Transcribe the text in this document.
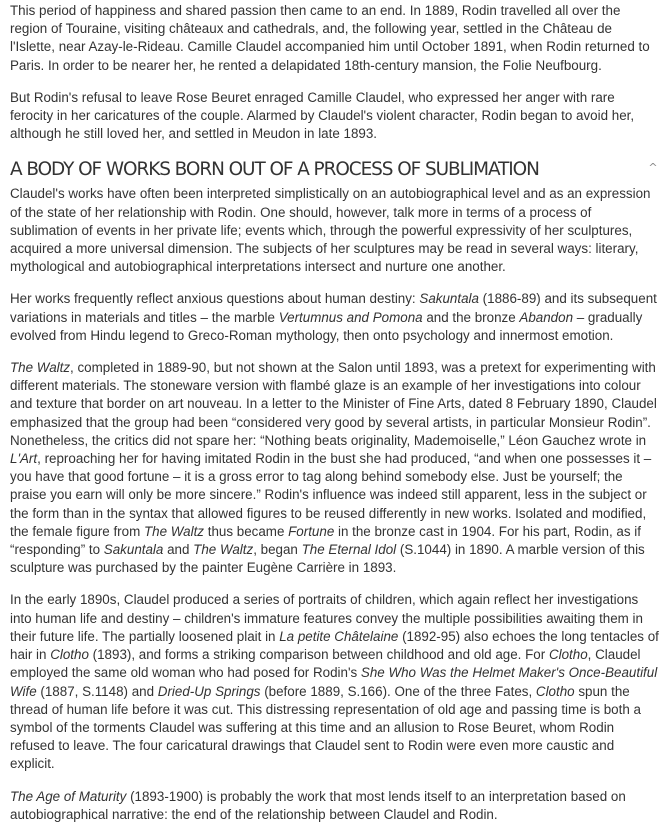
This period of happiness and shared passion then came to an end. In 1889, Rodin travelled all over the region of Touraine, visiting châteaux and cathedrals, and, the following year, settled in the Château de l'Islette, near Azay-le-Rideau. Camille Claudel accompanied him until October 1891, when Rodin returned to Paris. In order to be nearer her, he rented a delapidated 18th-century mansion, the Folie Neufbourg.

But Rodin's refusal to leave Rose Beuret enraged Camille Claudel, who expressed her anger with rare ferocity in her caricatures of the couple. Alarmed by Claudel's violent character, Rodin began to avoid her, although he still loved her, and settled in Meudon in late 1893.

A BODY OF WORKS BORN OUT OF A PROCESS OF SUBLIMATION	^

Claudel's works have often been interpreted simplistically on an autobiographical level and as an expression of the state of her relationship with Rodin. One should, however, talk more in terms of a process of sublimation of events in her private life; events which, through the powerful expressivity of her sculptures, acquired a more universal dimension. The subjects of her sculptures may be read in several ways: literary, mythological and autobiographical interpretations intersect and nurture one another.

Her works frequently reflect anxious questions about human destiny: Sakuntala (1886-89) and its subsequent variations in materials and titles – the marble Vertumnus and Pomona and the bronze Abandon – gradually evolved from Hindu legend to Greco-Roman mythology, then onto psychology and innermost emotion.

The Waltz, completed in 1889-90, but not shown at the Salon until 1893, was a pretext for experimenting with different materials. The stoneware version with flambé glaze is an example of her investigations into colour and texture that border on art nouveau. In a letter to the Minister of Fine Arts, dated 8 February 1890, Claudel emphasized that the group had been “considered very good by several artists, in particular Monsieur Rodin”. Nonetheless, the critics did not spare her: “Nothing beats originality, Mademoiselle,” Léon Gauchez wrote in L'Art, reproaching her for having imitated Rodin in the bust she had produced, “and when one possesses it – you have that good fortune – it is a gross error to tag along behind somebody else. Just be yourself; the praise you earn will only be more sincere.” Rodin's influence was indeed still apparent, less in the subject or the form than in the syntax that allowed figures to be reused differently in new works. Isolated and modified, the female figure from The Waltz thus became Fortune in the bronze cast in 1904. For his part, Rodin, as if “responding” to Sakuntala and The Waltz, began The Eternal Idol (S.1044) in 1890. A marble version of this sculpture was purchased by the painter Eugène Carrière in 1893.

In the early 1890s, Claudel produced a series of portraits of children, which again reflect her investigations into human life and destiny – children's immature features convey the multiple possibilities awaiting them in their future life. The partially loosened plait in La petite Châtelaine (1892-95) also echoes the long tentacles of hair in Clotho (1893), and forms a striking comparison between childhood and old age. For Clotho, Claudel employed the same old woman who had posed for Rodin's She Who Was the Helmet Maker's Once-Beautiful Wife (1887, S.1148) and Dried-Up Springs (before 1889, S.166). One of the three Fates, Clotho spun the thread of human life before it was cut. This distressing representation of old age and passing time is both a symbol of the torments Claudel was suffering at this time and an allusion to Rose Beuret, whom Rodin refused to leave. The four caricatural drawings that Claudel sent to Rodin were even more caustic and explicit.

The Age of Maturity (1893-1900) is probably the work that most lends itself to an interpretation based on autobiographical narrative: the end of the relationship between Claudel and Rodin.
